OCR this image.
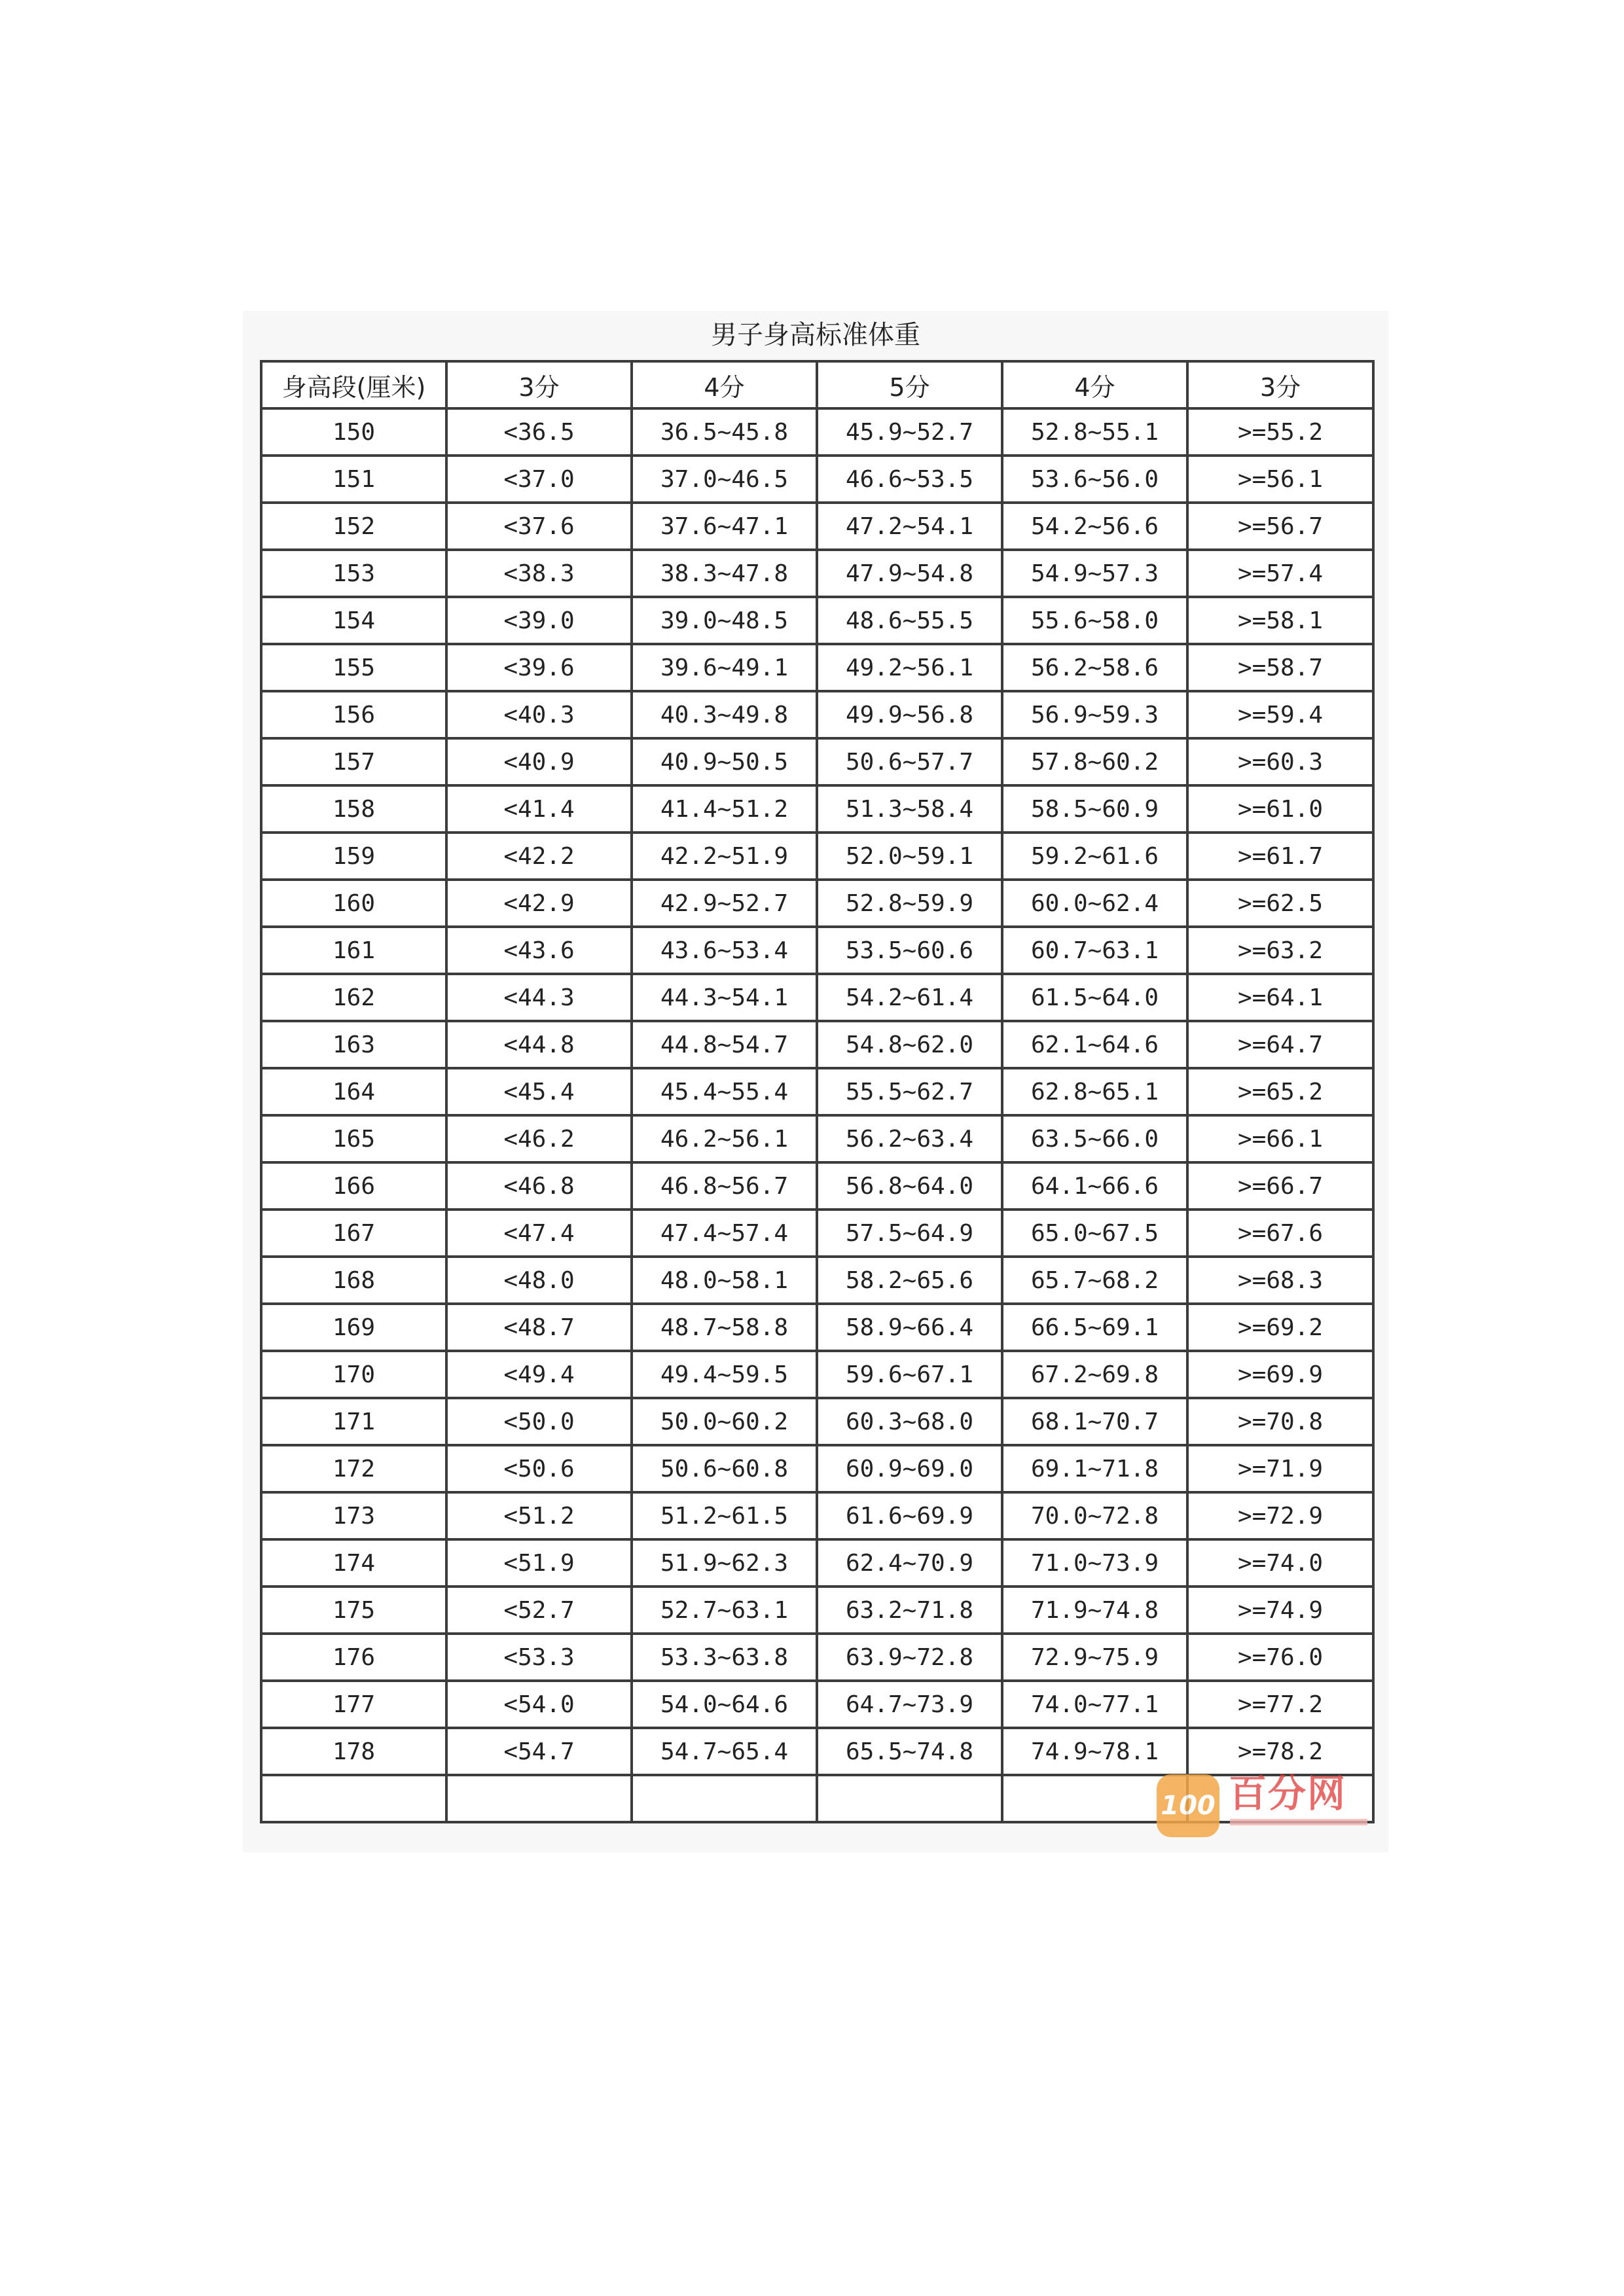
男子身高标准体重
身高段(厘米)	3分	4分	5分	4分	3分
150	<36.5	36.5~45.8	45.9~52.7	52.8~55.1	>=55.2
151	<37.0	37.0~46.5	46.6~53.5	53.6~56.0	>=56.1
152	<37.6	37.6~47.1	47.2~54.1	54.2~56.6	>=56.7
153	<38.3	38.3~47.8	47.9~54.8	54.9~57.3	>=57.4
154	<39.0	39.0~48.5	48.6~55.5	55.6~58.0	>=58.1
155	<39.6	39.6~49.1	49.2~56.1	56.2~58.6	>=58.7
156	<40.3	40.3~49.8	49.9~56.8	56.9~59.3	>=59.4
157	<40.9	40.9~50.5	50.6~57.7	57.8~60.2	>=60.3
158	<41.4	41.4~51.2	51.3~58.4	58.5~60.9	>=61.0
159	<42.2	42.2~51.9	52.0~59.1	59.2~61.6	>=61.7
160	<42.9	42.9~52.7	52.8~59.9	60.0~62.4	>=62.5
161	<43.6	43.6~53.4	53.5~60.6	60.7~63.1	>=63.2
162	<44.3	44.3~54.1	54.2~61.4	61.5~64.0	>=64.1
163	<44.8	44.8~54.7	54.8~62.0	62.1~64.6	>=64.7
164	<45.4	45.4~55.4	55.5~62.7	62.8~65.1	>=65.2
165	<46.2	46.2~56.1	56.2~63.4	63.5~66.0	>=66.1
166	<46.8	46.8~56.7	56.8~64.0	64.1~66.6	>=66.7
167	<47.4	47.4~57.4	57.5~64.9	65.0~67.5	>=67.6
168	<48.0	48.0~58.1	58.2~65.6	65.7~68.2	>=68.3
169	<48.7	48.7~58.8	58.9~66.4	66.5~69.1	>=69.2
170	<49.4	49.4~59.5	59.6~67.1	67.2~69.8	>=69.9
171	<50.0	50.0~60.2	60.3~68.0	68.1~70.7	>=70.8
172	<50.6	50.6~60.8	60.9~69.0	69.1~71.8	>=71.9
173	<51.2	51.2~61.5	61.6~69.9	70.0~72.8	>=72.9
174	<51.9	51.9~62.3	62.4~70.9	71.0~73.9	>=74.0
175	<52.7	52.7~63.1	63.2~71.8	71.9~74.8	>=74.9
176	<53.3	53.3~63.8	63.9~72.8	72.9~75.9	>=76.0
177	<54.0	54.0~64.6	64.7~73.9	74.0~77.1	>=77.2
178	<54.7	54.7~65.4	65.5~74.8	74.9~78.1	>=78.2

100 百分网
